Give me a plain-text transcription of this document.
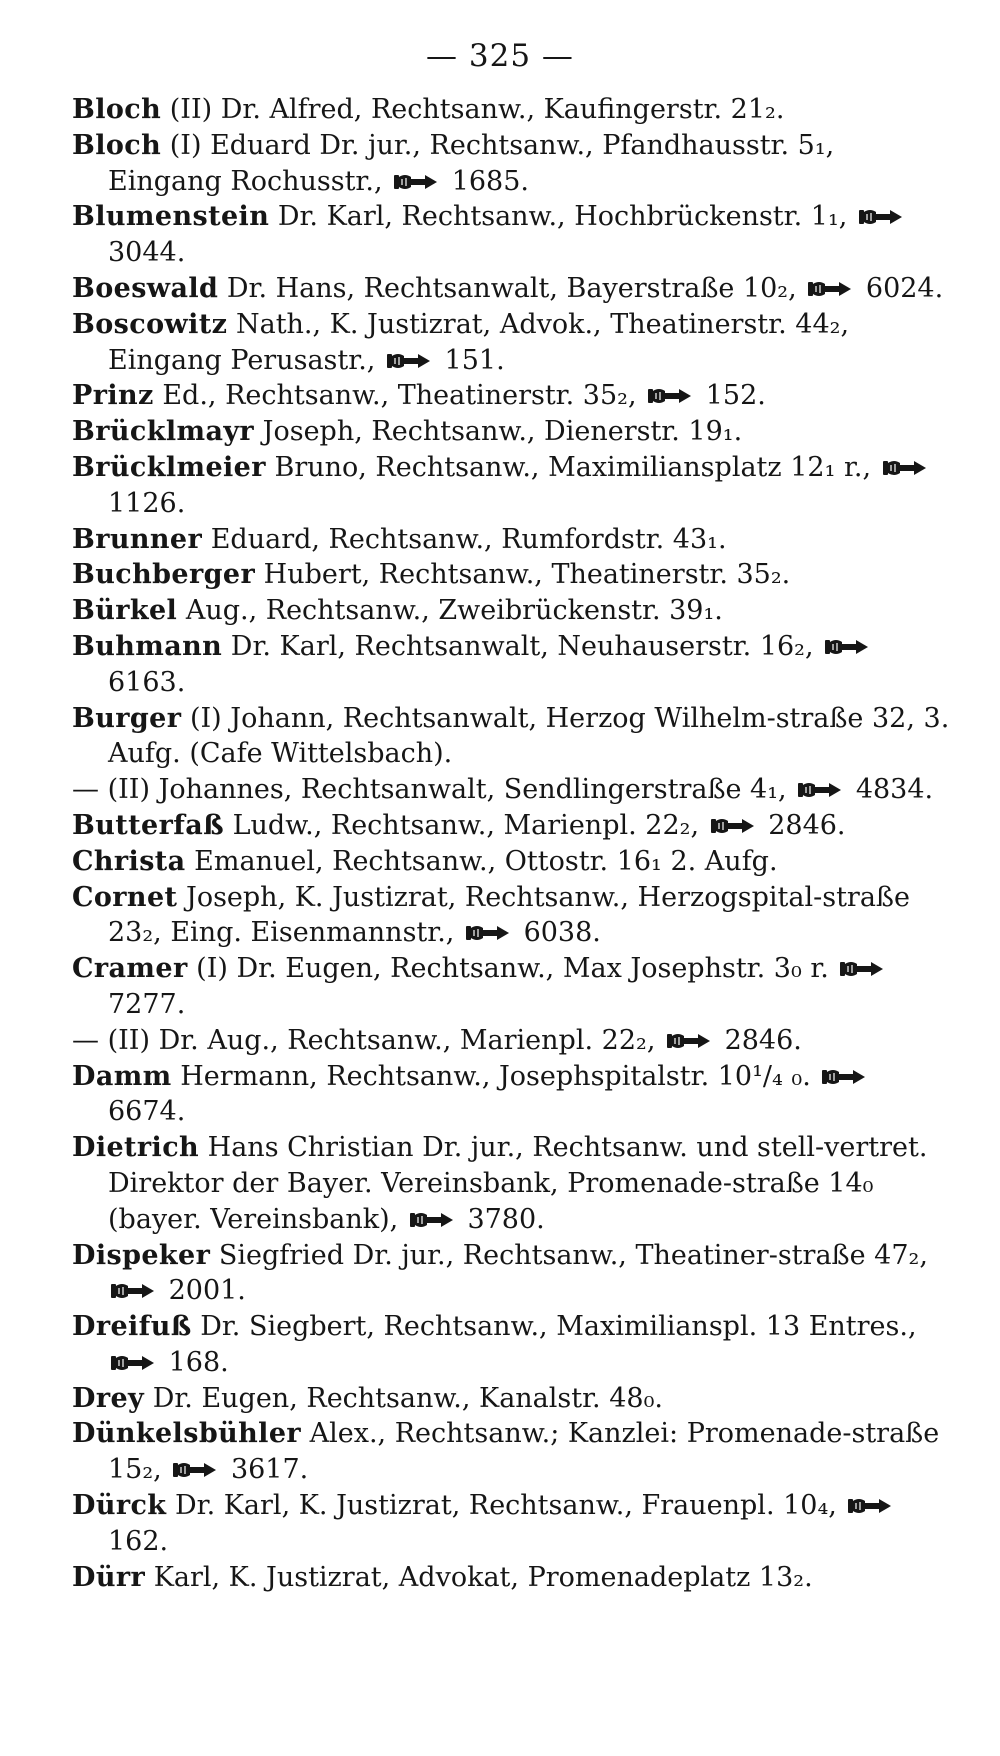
— 325 —
Bloch (II) Dr. Alfred, Rechtsanw., Kaufingerstr. 21₂.
Bloch (I) Eduard Dr. jur., Rechtsanw., Pfandhausstr. 5₁, Eingang Rochusstr.,
1685.
Blumenstein Dr. Karl, Rechtsanw., Hochbrückenstr. 1₁,
3044.
Boeswald Dr. Hans, Rechtsanwalt, Bayerstraße 10₂,
6024.
Boscowitz Nath., K. Justizrat, Advok., Theatinerstr. 44₂, Eingang Perusastr.,
151.
Prinz Ed., Rechtsanw., Theatinerstr. 35₂,
152.
Brücklmayr Joseph, Rechtsanw., Dienerstr. 19₁.
Brücklmeier Bruno, Rechtsanw., Maximiliansplatz 12₁ r.,
1126.
Brunner Eduard, Rechtsanw., Rumfordstr. 43₁.
Buchberger Hubert, Rechtsanw., Theatinerstr. 35₂.
Bürkel Aug., Rechtsanw., Zweibrückenstr. 39₁.
Buhmann Dr. Karl, Rechtsanwalt, Neuhauserstr. 16₂,
6163.
Burger (I) Johann, Rechtsanwalt, Herzog Wilhelm-straße 32, 3. Aufg. (Cafe Wittelsbach).
— (II) Johannes, Rechtsanwalt, Sendlingerstraße 4₁,
4834.
Butterfaß Ludw., Rechtsanw., Marienpl. 22₂,
2846.
Christa Emanuel, Rechtsanw., Ottostr. 16₁ 2. Aufg.
Cornet Joseph, K. Justizrat, Rechtsanw., Herzogspital-straße 23₂, Eing. Eisenmannstr.,
6038.
Cramer (I) Dr. Eugen, Rechtsanw., Max Josephstr. 3₀ r.
7277.
— (II) Dr. Aug., Rechtsanw., Marienpl. 22₂,
2846.
Damm Hermann, Rechtsanw., Josephspitalstr. 10¹/₄ ₀.
6674.
Dietrich Hans Christian Dr. jur., Rechtsanw. und stell-vertret. Direktor der Bayer. Vereinsbank, Promenade-straße 14₀ (bayer. Vereinsbank),
3780.
Dispeker Siegfried Dr. jur., Rechtsanw., Theatiner-straße 47₂,
2001.
Dreifuß Dr. Siegbert, Rechtsanw., Maximilianspl. 13 Entres.,
168.
Drey Dr. Eugen, Rechtsanw., Kanalstr. 48₀.
Dünkelsbühler Alex., Rechtsanw.; Kanzlei: Promenade-straße 15₂,
3617.
Dürck Dr. Karl, K. Justizrat, Rechtsanw., Frauenpl. 10₄,
162.
Dürr Karl, K. Justizrat, Advokat, Promenadeplatz 13₂.
